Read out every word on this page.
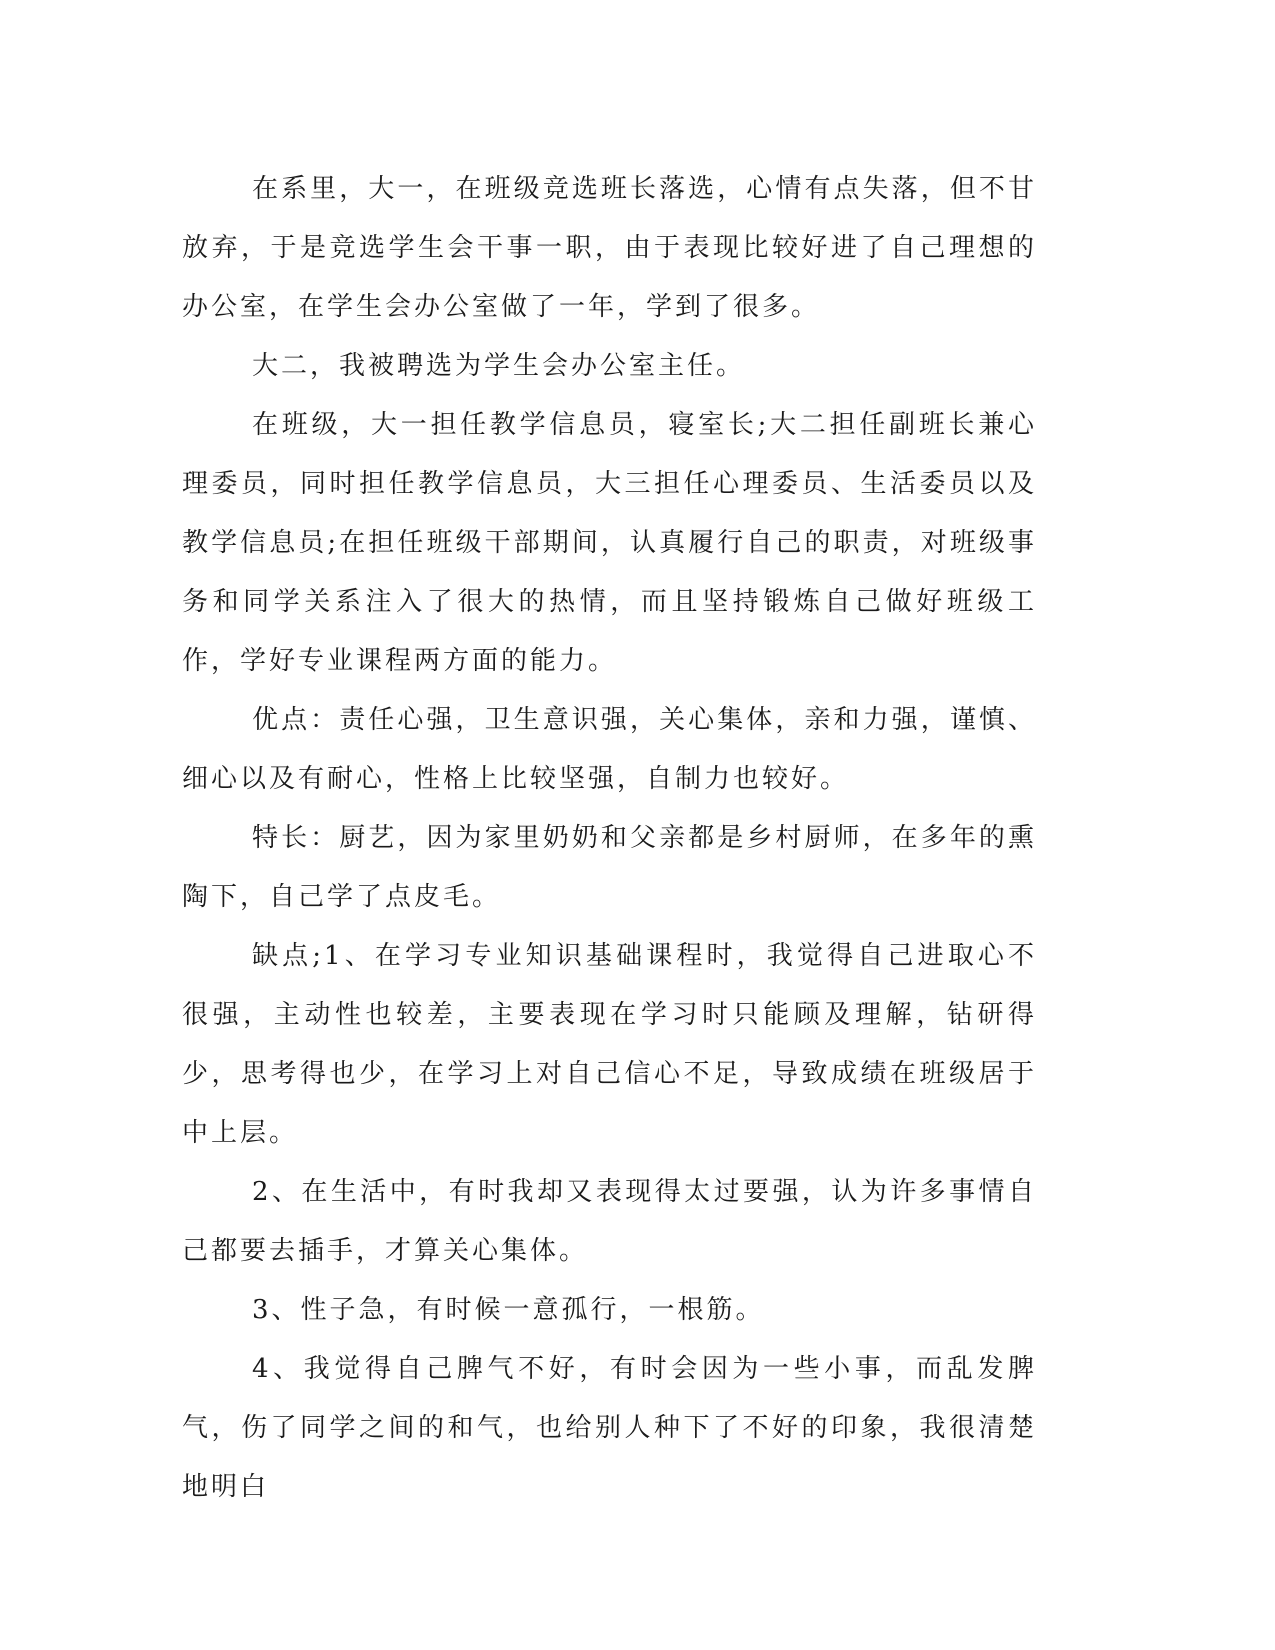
在系里，大一，在班级竞选班长落选，心情有点失落，但不甘放弃，于是竞选学生会干事一职，由于表现比较好进了自己理想的办公室，在学生会办公室做了一年，学到了很多。

大二，我被聘选为学生会办公室主任。

在班级，大一担任教学信息员，寝室长;大二担任副班长兼心理委员，同时担任教学信息员，大三担任心理委员、生活委员以及教学信息员;在担任班级干部期间，认真履行自己的职责，对班级事务和同学关系注入了很大的热情，而且坚持锻炼自己做好班级工作，学好专业课程两方面的能力。

优点：责任心强，卫生意识强，关心集体，亲和力强，谨慎、细心以及有耐心，性格上比较坚强，自制力也较好。

特长：厨艺，因为家里奶奶和父亲都是乡村厨师，在多年的熏陶下，自己学了点皮毛。

缺点;1、在学习专业知识基础课程时，我觉得自己进取心不很强，主动性也较差，主要表现在学习时只能顾及理解，钻研得少，思考得也少，在学习上对自己信心不足，导致成绩在班级居于中上层。

2、在生活中，有时我却又表现得太过要强，认为许多事情自己都要去插手，才算关心集体。

3、性子急，有时候一意孤行，一根筋。

4、我觉得自己脾气不好，有时会因为一些小事，而乱发脾气，伤了同学之间的和气，也给别人种下了不好的印象，我很清楚地明白
